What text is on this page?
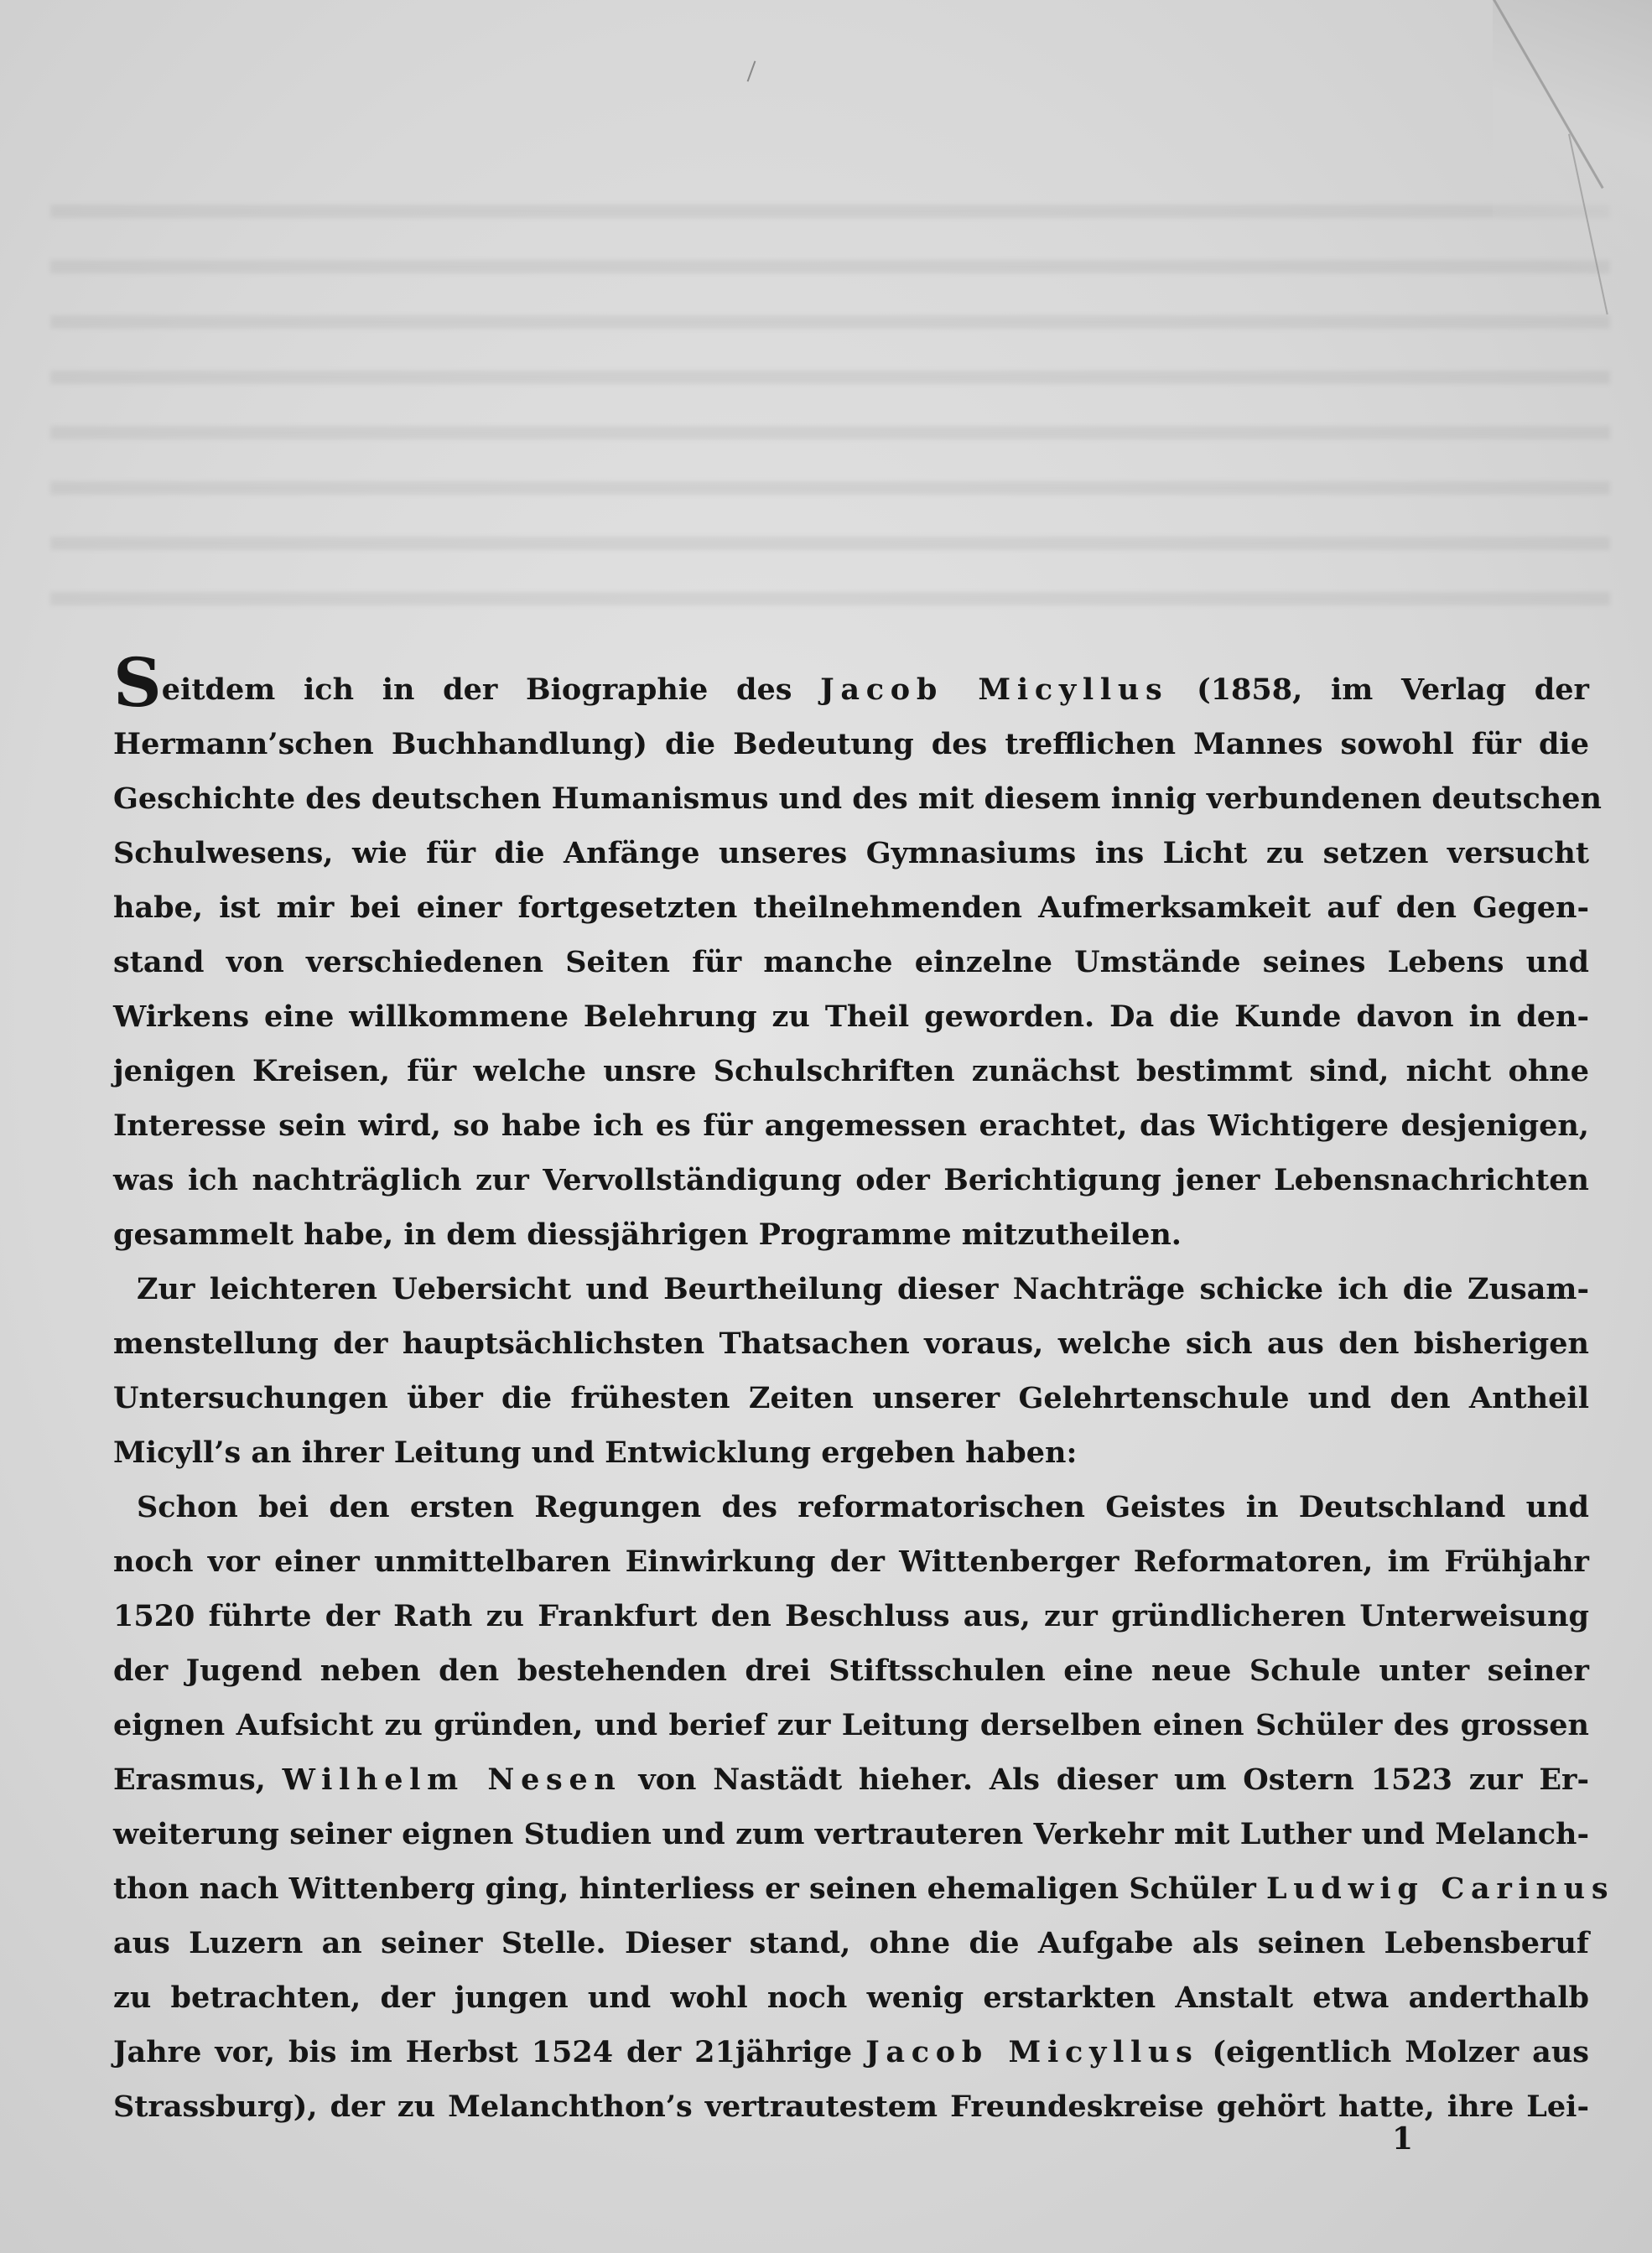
Seitdem ich in der Biographie des Jacob Micyllus (1858, im Verlag der
Hermann’schen Buchhandlung) die Bedeutung des trefflichen Mannes sowohl für die
Geschichte des deutschen Humanismus und des mit diesem innig verbundenen deutschen
Schulwesens, wie für die Anfänge unseres Gymnasiums ins Licht zu setzen versucht
habe, ist mir bei einer fortgesetzten theilnehmenden Aufmerksamkeit auf den Gegen-
stand von verschiedenen Seiten für manche einzelne Umstände seines Lebens und
Wirkens eine willkommene Belehrung zu Theil geworden. Da die Kunde davon in den-
jenigen Kreisen, für welche unsre Schulschriften zunächst bestimmt sind, nicht ohne
Interesse sein wird, so habe ich es für angemessen erachtet, das Wichtigere desjenigen,
was ich nachträglich zur Vervollständigung oder Berichtigung jener Lebensnachrichten
gesammelt habe, in dem diessjährigen Programme mitzutheilen.
Zur leichteren Uebersicht und Beurtheilung dieser Nachträge schicke ich die Zusam-
menstellung der hauptsächlichsten Thatsachen voraus, welche sich aus den bisherigen
Untersuchungen über die frühesten Zeiten unserer Gelehrtenschule und den Antheil
Micyll’s an ihrer Leitung und Entwicklung ergeben haben:
Schon bei den ersten Regungen des reformatorischen Geistes in Deutschland und
noch vor einer unmittelbaren Einwirkung der Wittenberger Reformatoren, im Frühjahr
1520 führte der Rath zu Frankfurt den Beschluss aus, zur gründlicheren Unterweisung
der Jugend neben den bestehenden drei Stiftsschulen eine neue Schule unter seiner
eignen Aufsicht zu gründen, und berief zur Leitung derselben einen Schüler des grossen
Erasmus, Wilhelm Nesen von Nastädt hieher. Als dieser um Ostern 1523 zur Er-
weiterung seiner eignen Studien und zum vertrauteren Verkehr mit Luther und Melanch-
thon nach Wittenberg ging, hinterliess er seinen ehemaligen Schüler Ludwig Carinus
aus Luzern an seiner Stelle. Dieser stand, ohne die Aufgabe als seinen Lebensberuf
zu betrachten, der jungen und wohl noch wenig erstarkten Anstalt etwa anderthalb
Jahre vor, bis im Herbst 1524 der 21jährige Jacob Micyllus (eigentlich Molzer aus
Strassburg), der zu Melanchthon’s vertrautestem Freundeskreise gehört hatte, ihre Lei-
1
